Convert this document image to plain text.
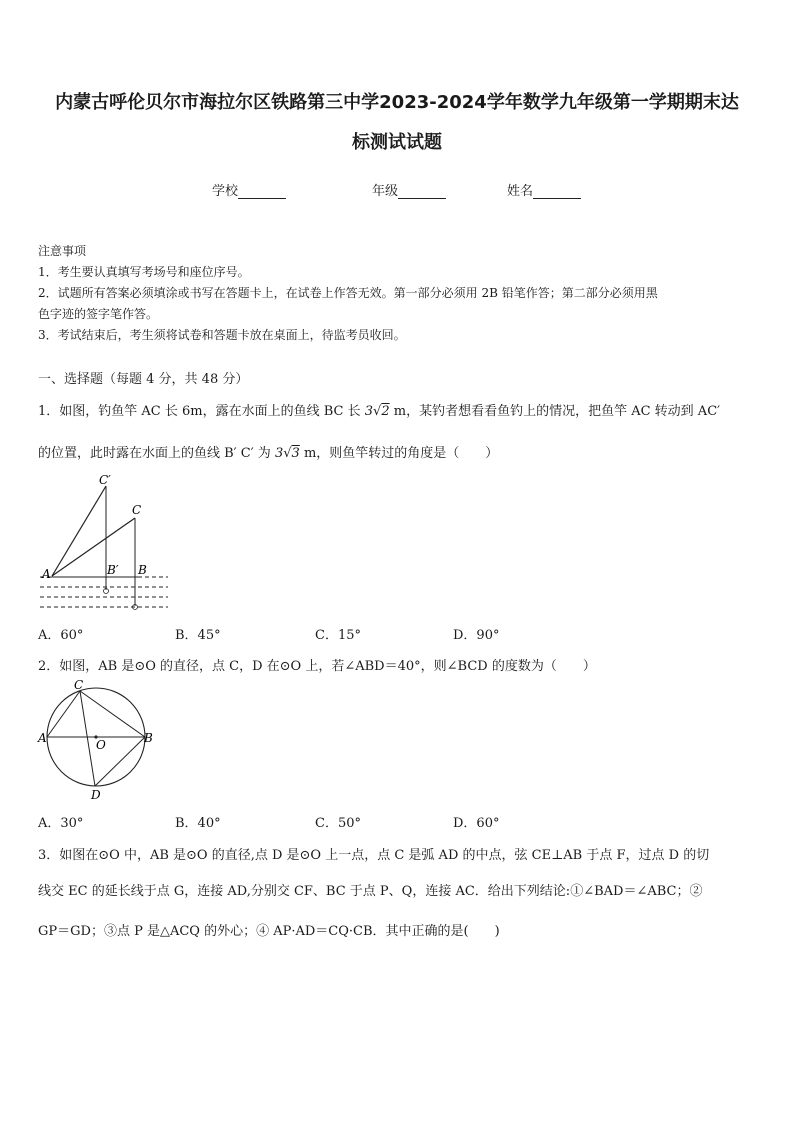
内蒙古呼伦贝尔市海拉尔区铁路第三中学2023-2024学年数学九年级第一学期期末达
标测试试题
学校	年级	姓名
注意事项
1．考生要认真填写考场号和座位序号。
2．试题所有答案必须填涂或书写在答题卡上，在试卷上作答无效。第一部分必须用 2B 铅笔作答；第二部分必须用黑
色字迹的签字笔作答。
3．考试结束后，考生须将试卷和答题卡放在桌面上，待监考员收回。
一、选择题（每题 4 分，共 48 分）
1．如图，钓鱼竿 AC 长 6m，露在水面上的鱼线 BC 长 3√2 m，某钓者想看看鱼钓上的情况，把鱼竿 AC 转动到 AC′
的位置，此时露在水面上的鱼线 B′ C′ 为 3√3 m，则鱼竿转过的角度是（　　）
C′
C
A	B′ B
A．60°	B．45°	C．15°	D．90°
2．如图，AB 是⊙O 的直径，点 C，D 在⊙O 上，若∠ABD＝40°，则∠BCD 的度数为（　　）
C
A	O	B
D
A．30°	B．40°	C．50°	D．60°
3．如图在⊙O 中，AB 是⊙O 的直径,点 D 是⊙O 上一点，点 C 是弧 AD 的中点，弦 CE⊥AB 于点 F，过点 D 的切
线交 EC 的延长线于点 G，连接 AD,分别交 CF、BC 于点 P、Q，连接 AC．给出下列结论:①∠BAD＝∠ABC；②
GP＝GD；③点 P 是△ACQ 的外心；④ AP·AD＝CQ·CB．其中正确的是(　　)
